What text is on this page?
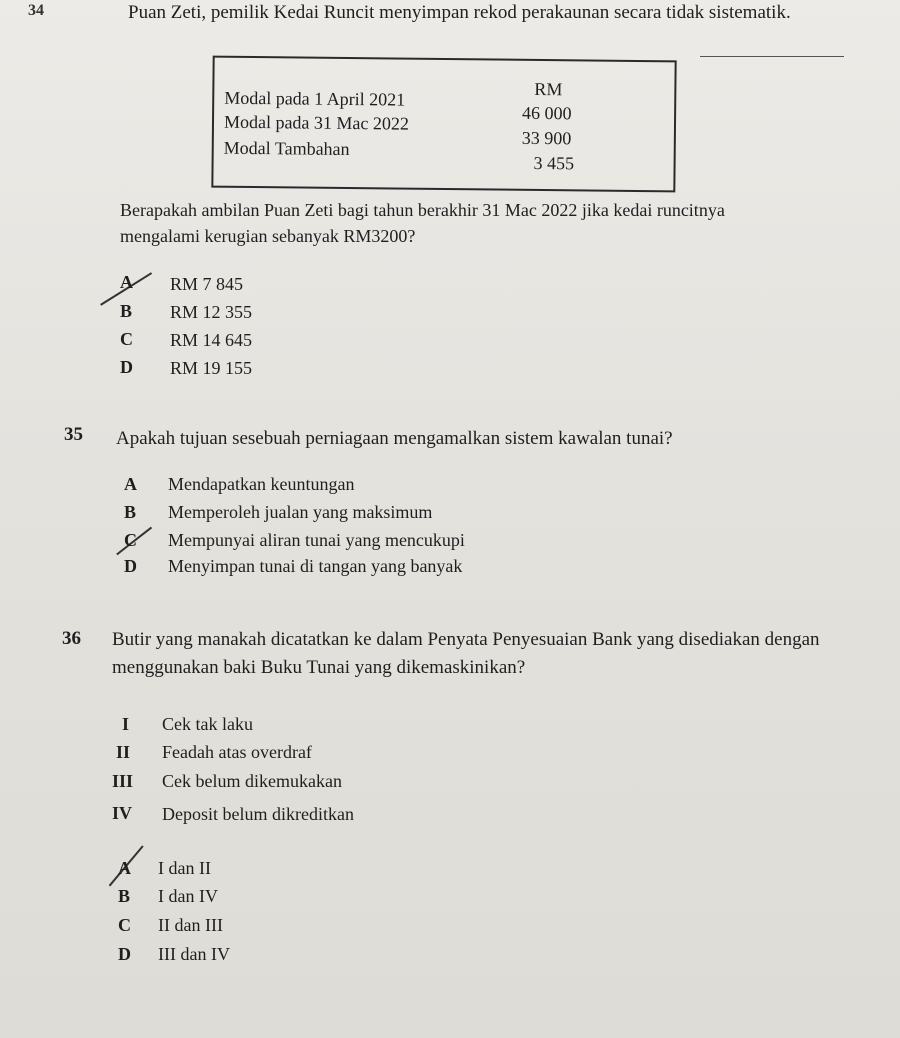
34	Puan Zeti, pemilik Kedai Runcit menyimpan rekod perakaunan secara tidak sistematik.
RM
Modal pada 1 April 2021
46 000
Modal pada 31 Mac 2022
33 900
Modal Tambahan
3 455
Berapakah ambilan Puan Zeti bagi tahun berakhir 31 Mac 2022 jika kedai runcitnya
mengalami kerugian sebanyak RM3200?
A RM 7 845
B RM 12 355
C RM 14 645
D RM 19 155
35 Apakah tujuan sesebuah perniagaan mengamalkan sistem kawalan tunai?
A Mendapatkan keuntungan
B Memperoleh jualan yang maksimum
C Mempunyai aliran tunai yang mencukupi
D Menyimpan tunai di tangan yang banyak
36 Butir yang manakah dicatatkan ke dalam Penyata Penyesuaian Bank yang disediakan dengan
menggunakan baki Buku Tunai yang dikemaskinikan?
I Cek tak laku
II Feadah atas overdraf
III Cek belum dikemukakan
IV Deposit belum dikreditkan
A I dan II
B I dan IV
C II dan III
D III dan IV
